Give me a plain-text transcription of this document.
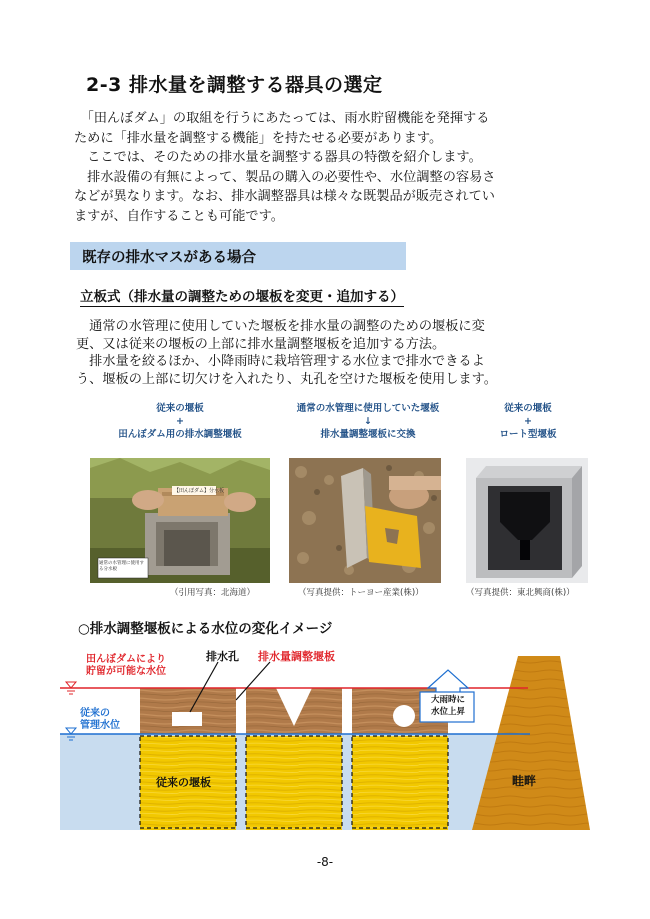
2-3 排水量を調整する器具の選定

　「田んぼダム」の取組を行うにあたっては、雨水貯留機能を発揮する

ために「排水量を調整する機能」を持たせる必要があります。

　ここでは、そのための排水量を調整する器具の特徴を紹介します。

　排水設備の有無によって、製品の購入の必要性や、水位調整の容易さ

などが異なります。なお、排水調整器具は様々な既製品が販売されてい

ますが、自作することも可能です。

既存の排水マスがある場合
立板式（排水量の調整ための堰板を変更・追加する）

　通常の水管理に使用していた堰板を排水量の調整のための堰板に変

更、又は従来の堰板の上部に排水量調整堰板を追加する方法。

　排水量を絞るほか、小降雨時に栽培管理する水位まで排水できるよ

う、堰板の上部に切欠けを入れたり、丸孔を空けた堰板を使用します。

従来の堰板
+
田んぼダム用の排水調整堰板
通常の水管理に使用していた堰板
↓
排水量調整堰板に交換
従来の堰板
+
ロート型堰板
【田んぼダム】分水板
通常の水管理に使用する分水板
（引用写真：北海道）	（写真提供：トーヨー産業(株)）	（写真提供：東北興商(株)）
○排水調整堰板による水位の変化イメージ
田んぼダムにより
貯留が可能な水位
従来の
管理水位
排水孔 排水量調整堰板
大雨時に
水位上昇
従来の堰板	畦畔
-8-
